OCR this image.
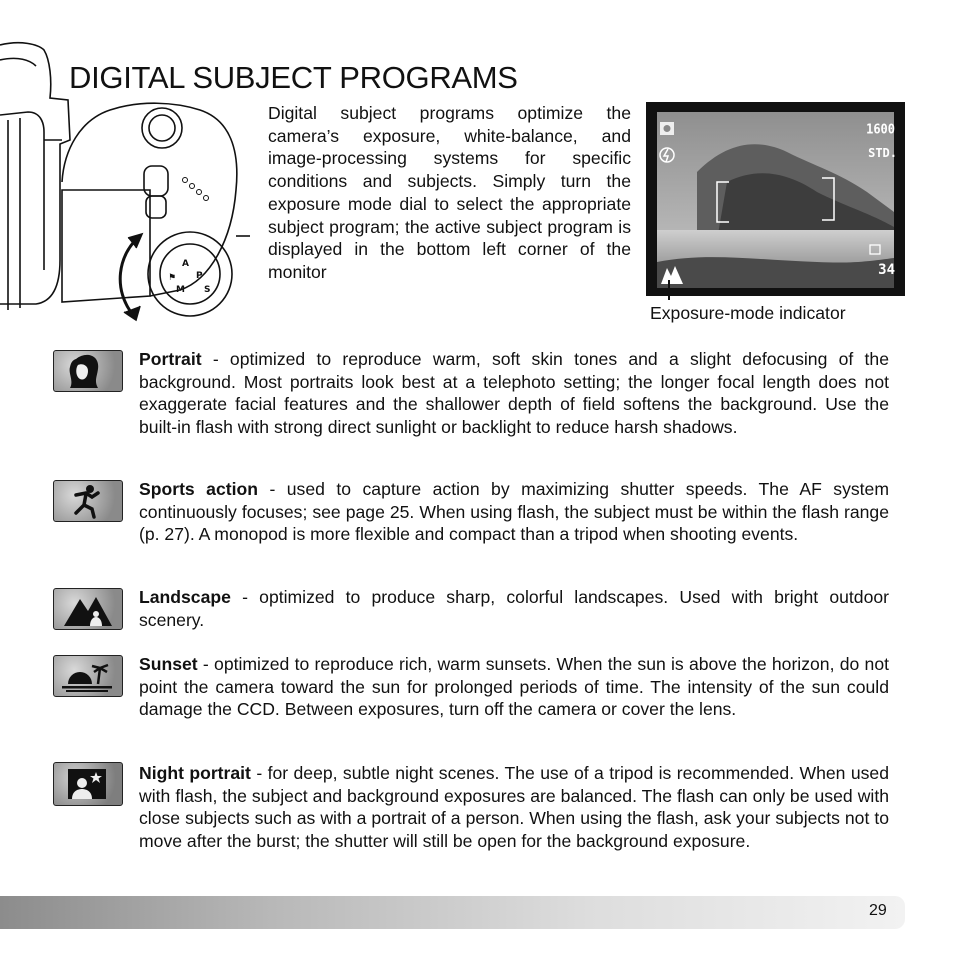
DIGITAL SUBJECT PROGRAMS
A
P
S
M
⚑
Digital subject programs optimize the camera’s exposure, white-balance, and image-processing systems for specific conditions and subjects. Simply turn the exposure mode dial to select the appropriate subject program; the active subject program is displayed in the bottom left corner of the monitor
1600
STD.
34
Exposure-mode indicator
Portrait - optimized to reproduce warm, soft skin tones and a slight defocusing of the background. Most portraits look best at a telephoto setting; the longer focal length does not exaggerate facial features and the shallower depth of field softens the background. Use the built-in flash with strong direct sunlight or backlight to reduce harsh shadows.
Sports action - used to capture action by maximizing shutter speeds. The AF system continuously focuses; see page 25. When using flash, the subject must be within the flash range (p. 27). A monopod is more flexible and compact than a tripod when shooting events.
Landscape - optimized to produce sharp, colorful landscapes. Used with bright outdoor scenery.
Sunset - optimized to reproduce rich, warm sunsets. When the sun is above the horizon, do not point the camera toward the sun for prolonged periods of time. The intensity of the sun could damage the CCD. Between exposures, turn off the camera or cover the lens.
Night portrait - for deep, subtle night scenes. The use of a tripod is recommended. When used with flash, the subject and background exposures are balanced. The flash can only be used with close subjects such as with a portrait of a person. When using the flash, ask your subjects not to move after the burst; the shutter will still be open for the background exposure.
29
